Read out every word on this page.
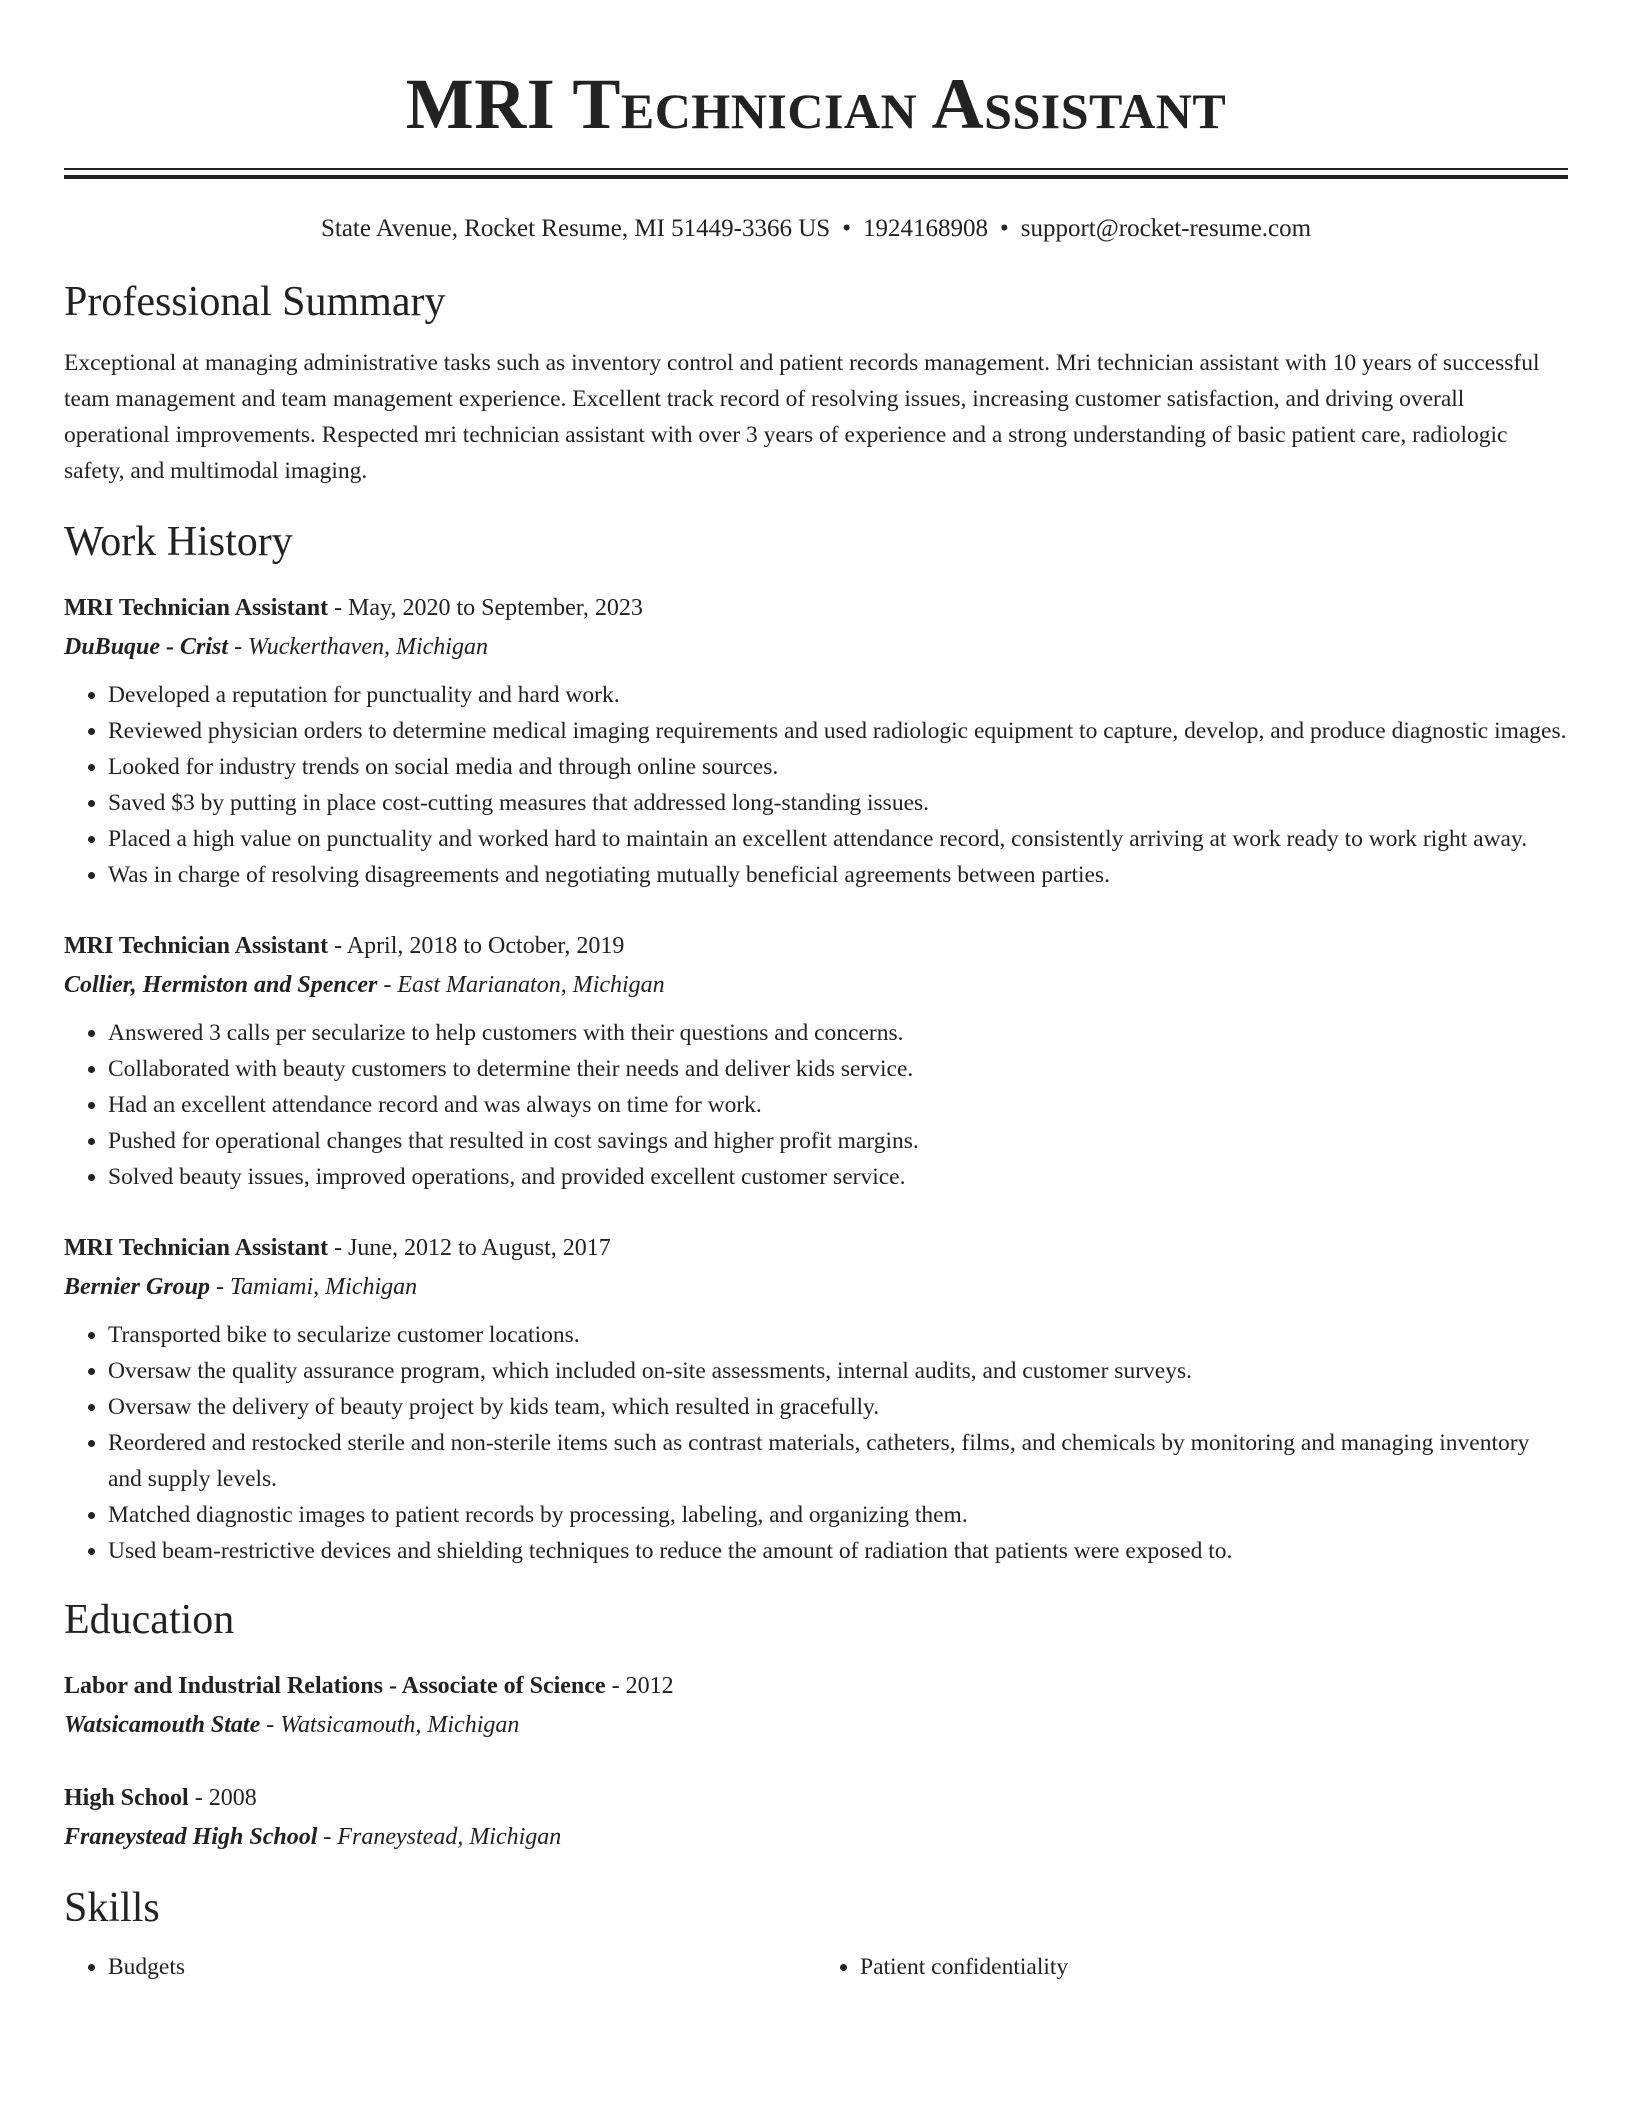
MRI Technician Assistant
State Avenue, Rocket Resume, MI 51449-3366 US • 1924168908 • support@rocket-resume.com
Professional Summary
Exceptional at managing administrative tasks such as inventory control and patient records management. Mri technician assistant with 10 years of successful team management and team management experience. Excellent track record of resolving issues, increasing customer satisfaction, and driving overall operational improvements. Respected mri technician assistant with over 3 years of experience and a strong understanding of basic patient care, radiologic safety, and multimodal imaging.
Work History
MRI Technician Assistant - May, 2020 to September, 2023
DuBuque - Crist - Wuckerthaven, Michigan
• Developed a reputation for punctuality and hard work.
• Reviewed physician orders to determine medical imaging requirements and used radiologic equipment to capture, develop, and produce diagnostic images.
• Looked for industry trends on social media and through online sources.
• Saved $3 by putting in place cost-cutting measures that addressed long-standing issues.
• Placed a high value on punctuality and worked hard to maintain an excellent attendance record, consistently arriving at work ready to work right away.
• Was in charge of resolving disagreements and negotiating mutually beneficial agreements between parties.
MRI Technician Assistant - April, 2018 to October, 2019
Collier, Hermiston and Spencer - East Marianaton, Michigan
• Answered 3 calls per secularize to help customers with their questions and concerns.
• Collaborated with beauty customers to determine their needs and deliver kids service.
• Had an excellent attendance record and was always on time for work.
• Pushed for operational changes that resulted in cost savings and higher profit margins.
• Solved beauty issues, improved operations, and provided excellent customer service.
MRI Technician Assistant - June, 2012 to August, 2017
Bernier Group - Tamiami, Michigan
• Transported bike to secularize customer locations.
• Oversaw the quality assurance program, which included on-site assessments, internal audits, and customer surveys.
• Oversaw the delivery of beauty project by kids team, which resulted in gracefully.
• Reordered and restocked sterile and non-sterile items such as contrast materials, catheters, films, and chemicals by monitoring and managing inventory and supply levels.
• Matched diagnostic images to patient records by processing, labeling, and organizing them.
• Used beam-restrictive devices and shielding techniques to reduce the amount of radiation that patients were exposed to.
Education
Labor and Industrial Relations - Associate of Science - 2012
Watsicamouth State - Watsicamouth, Michigan
High School - 2008
Franeystead High School - Franeystead, Michigan
Skills
• Budgets
•	Patient confidentiality
